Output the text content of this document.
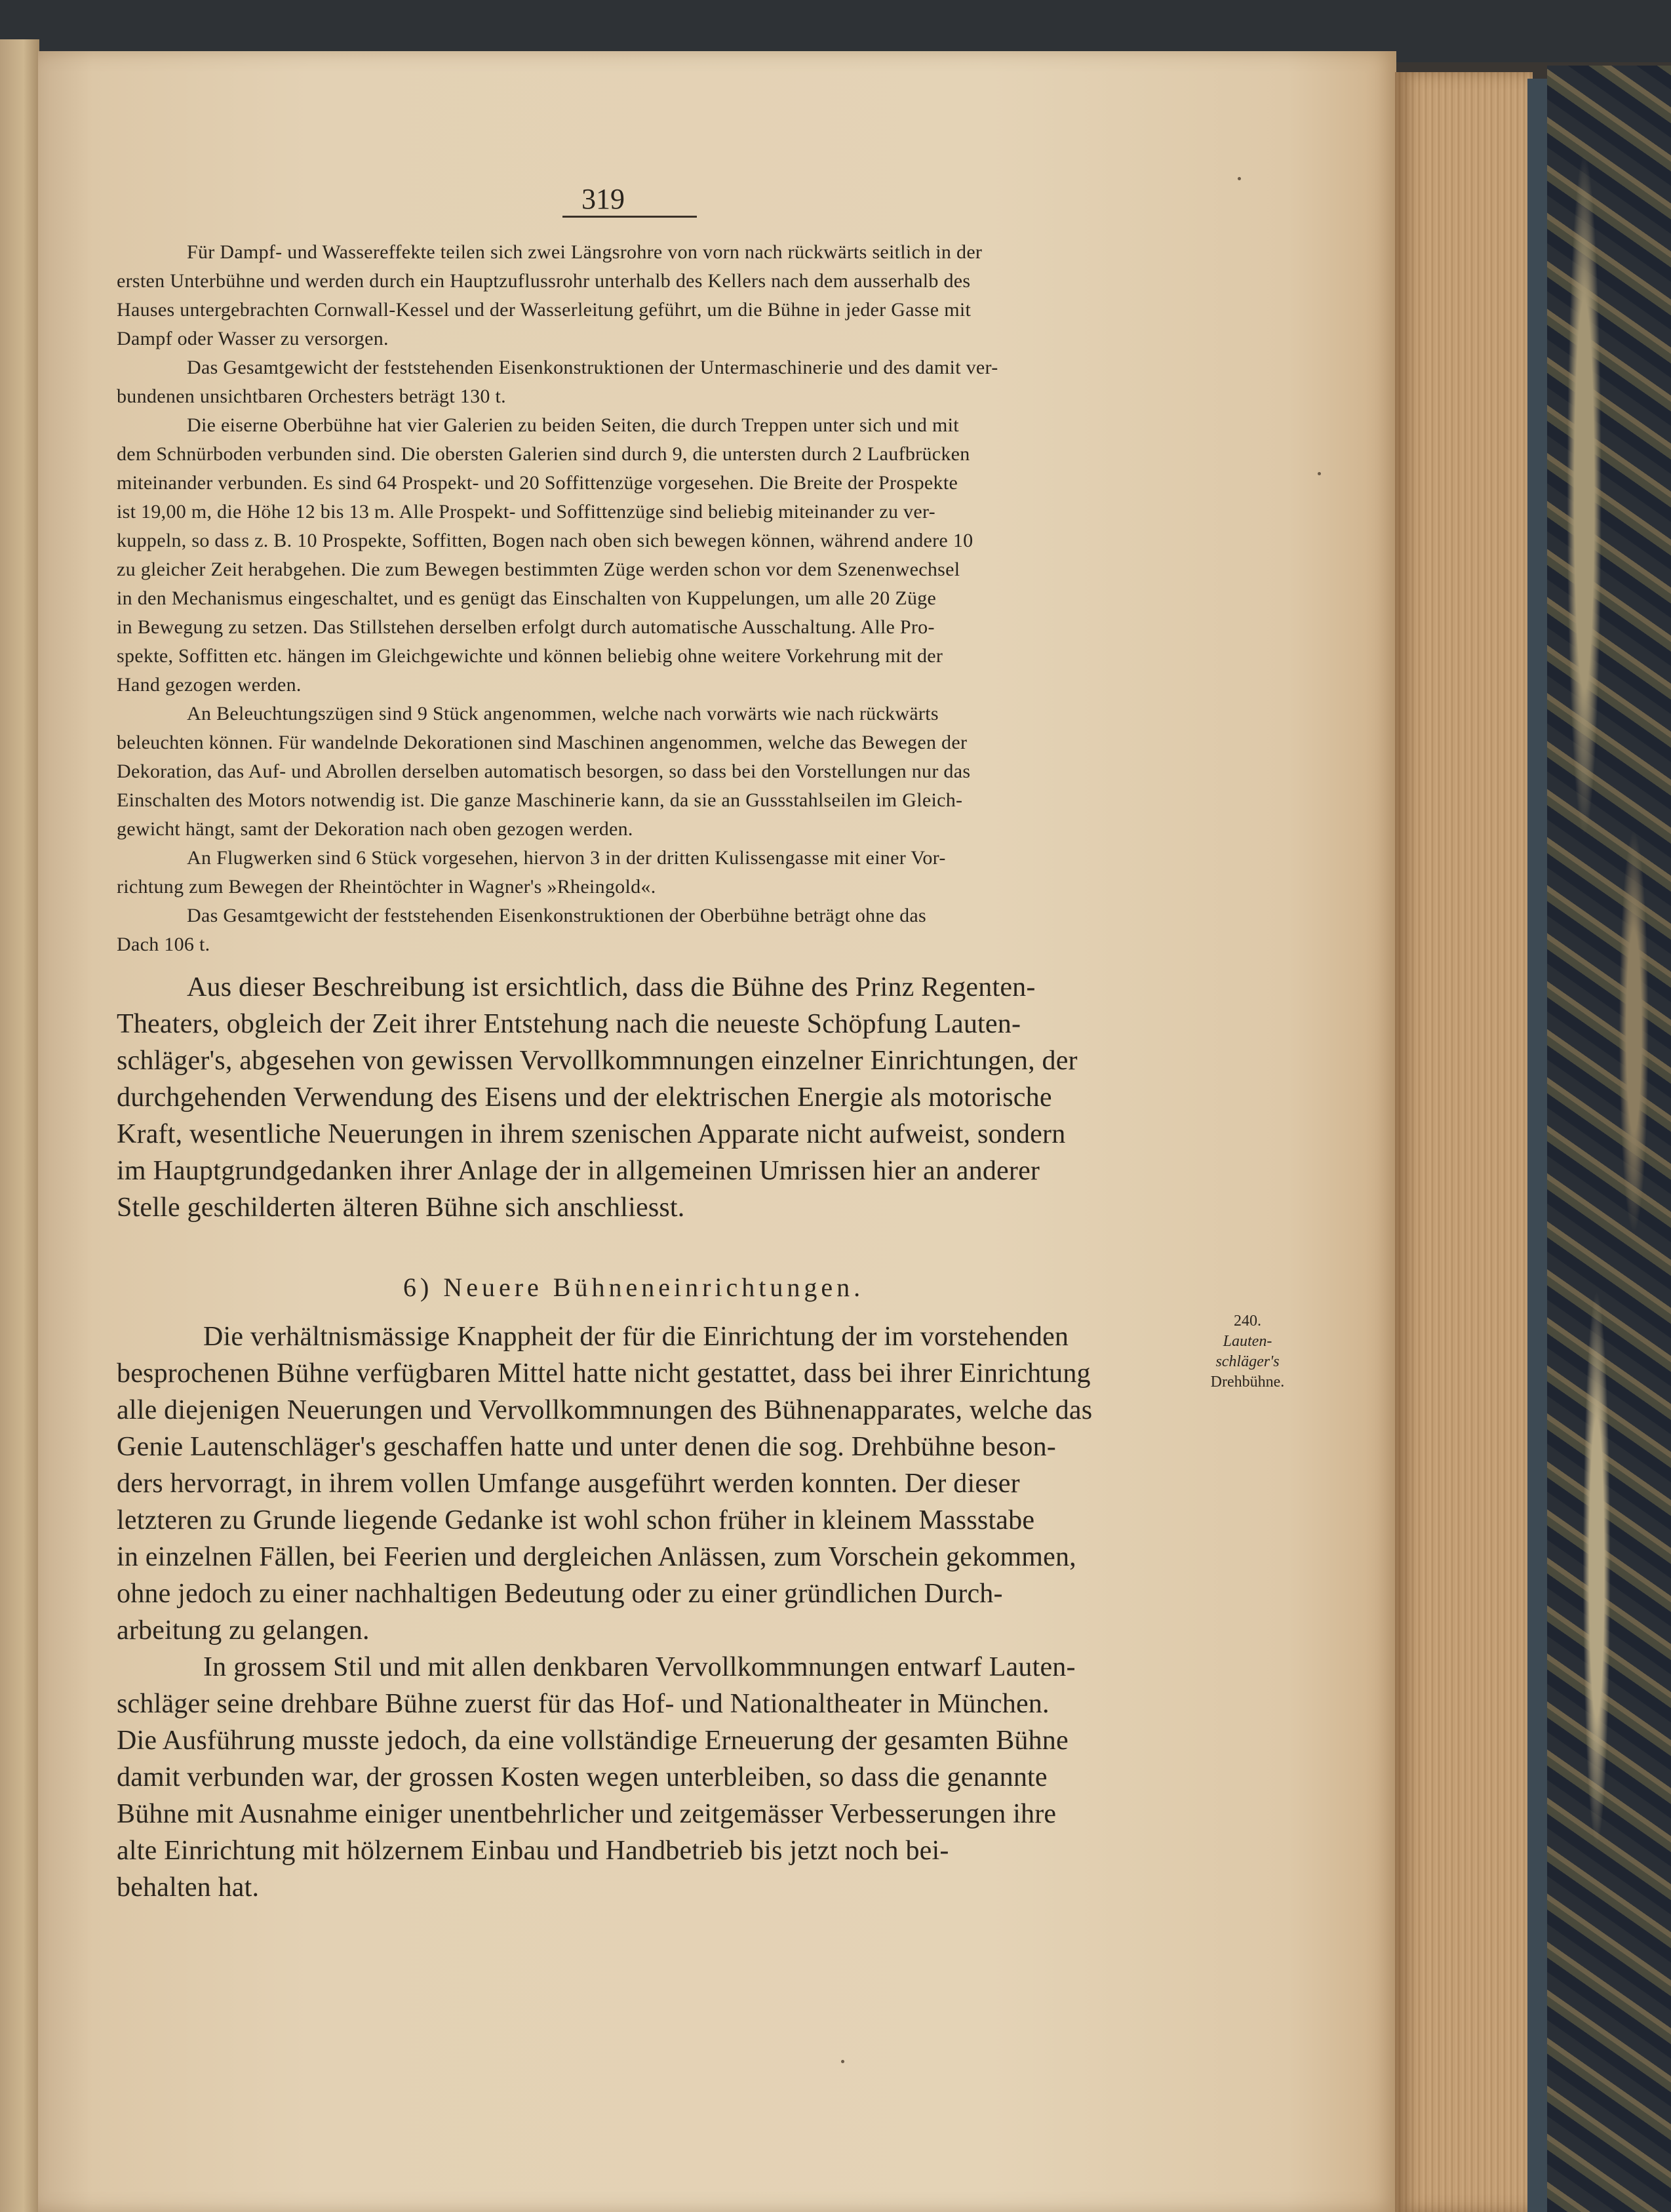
319

Für Dampf- und Wassereffekte teilen sich zwei Längsrohre von vorn nach rückwärts seitlich in der

ersten Unterbühne und werden durch ein Hauptzuflussrohr unterhalb des Kellers nach dem ausserhalb des

Hauses untergebrachten Cornwall-Kessel und der Wasserleitung geführt, um die Bühne in jeder Gasse mit

Dampf oder Wasser zu versorgen.

Das Gesamtgewicht der feststehenden Eisenkonstruktionen der Untermaschinerie und des damit ver-

bundenen unsichtbaren Orchesters beträgt 130 t.

Die eiserne Oberbühne hat vier Galerien zu beiden Seiten, die durch Treppen unter sich und mit

dem Schnürboden verbunden sind. Die obersten Galerien sind durch 9, die untersten durch 2 Laufbrücken

miteinander verbunden. Es sind 64 Prospekt- und 20 Soffittenzüge vorgesehen. Die Breite der Prospekte

ist 19,00 m, die Höhe 12 bis 13 m. Alle Prospekt- und Soffittenzüge sind beliebig miteinander zu ver-

kuppeln, so dass z. B. 10 Prospekte, Soffitten, Bogen nach oben sich bewegen können, während andere 10

zu gleicher Zeit herabgehen. Die zum Bewegen bestimmten Züge werden schon vor dem Szenenwechsel

in den Mechanismus eingeschaltet, und es genügt das Einschalten von Kuppelungen, um alle 20 Züge

in Bewegung zu setzen. Das Stillstehen derselben erfolgt durch automatische Ausschaltung. Alle Pro-

spekte, Soffitten etc. hängen im Gleichgewichte und können beliebig ohne weitere Vorkehrung mit der

Hand gezogen werden.

An Beleuchtungszügen sind 9 Stück angenommen, welche nach vorwärts wie nach rückwärts

beleuchten können. Für wandelnde Dekorationen sind Maschinen angenommen, welche das Bewegen der

Dekoration, das Auf- und Abrollen derselben automatisch besorgen, so dass bei den Vorstellungen nur das

Einschalten des Motors notwendig ist. Die ganze Maschinerie kann, da sie an Gussstahlseilen im Gleich-

gewicht hängt, samt der Dekoration nach oben gezogen werden.

An Flugwerken sind 6 Stück vorgesehen, hiervon 3 in der dritten Kulissengasse mit einer Vor-

richtung zum Bewegen der Rheintöchter in Wagner's »Rheingold«.

Das Gesamtgewicht der feststehenden Eisenkonstruktionen der Oberbühne beträgt ohne das

Dach 106 t.

Aus dieser Beschreibung ist ersichtlich, dass die Bühne des Prinz Regenten-

Theaters, obgleich der Zeit ihrer Entstehung nach die neueste Schöpfung Lauten-

schläger's, abgesehen von gewissen Vervollkommnungen einzelner Einrichtungen, der

durchgehenden Verwendung des Eisens und der elektrischen Energie als motorische

Kraft, wesentliche Neuerungen in ihrem szenischen Apparate nicht aufweist, sondern

im Hauptgrundgedanken ihrer Anlage der in allgemeinen Umrissen hier an anderer

Stelle geschilderten älteren Bühne sich anschliesst.

6) Neuere Bühneneinrichtungen.

Die verhältnismässige Knappheit der für die Einrichtung der im vorstehenden

besprochenen Bühne verfügbaren Mittel hatte nicht gestattet, dass bei ihrer Einrichtung

alle diejenigen Neuerungen und Vervollkommnungen des Bühnenapparates, welche das

Genie Lautenschläger's geschaffen hatte und unter denen die sog. Drehbühne beson-

ders hervorragt, in ihrem vollen Umfange ausgeführt werden konnten. Der dieser

letzteren zu Grunde liegende Gedanke ist wohl schon früher in kleinem Massstabe

in einzelnen Fällen, bei Feerien und dergleichen Anlässen, zum Vorschein gekommen,

ohne jedoch zu einer nachhaltigen Bedeutung oder zu einer gründlichen Durch-

arbeitung zu gelangen.

In grossem Stil und mit allen denkbaren Vervollkommnungen entwarf Lauten-

schläger seine drehbare Bühne zuerst für das Hof- und Nationaltheater in München.

Die Ausführung musste jedoch, da eine vollständige Erneuerung der gesamten Bühne

damit verbunden war, der grossen Kosten wegen unterbleiben, so dass die genannte

Bühne mit Ausnahme einiger unentbehrlicher und zeitgemässer Verbesserungen ihre

alte Einrichtung mit hölzernem Einbau und Handbetrieb bis jetzt noch bei-

behalten hat.

240.

Lauten-

schläger's

Drehbühne.
